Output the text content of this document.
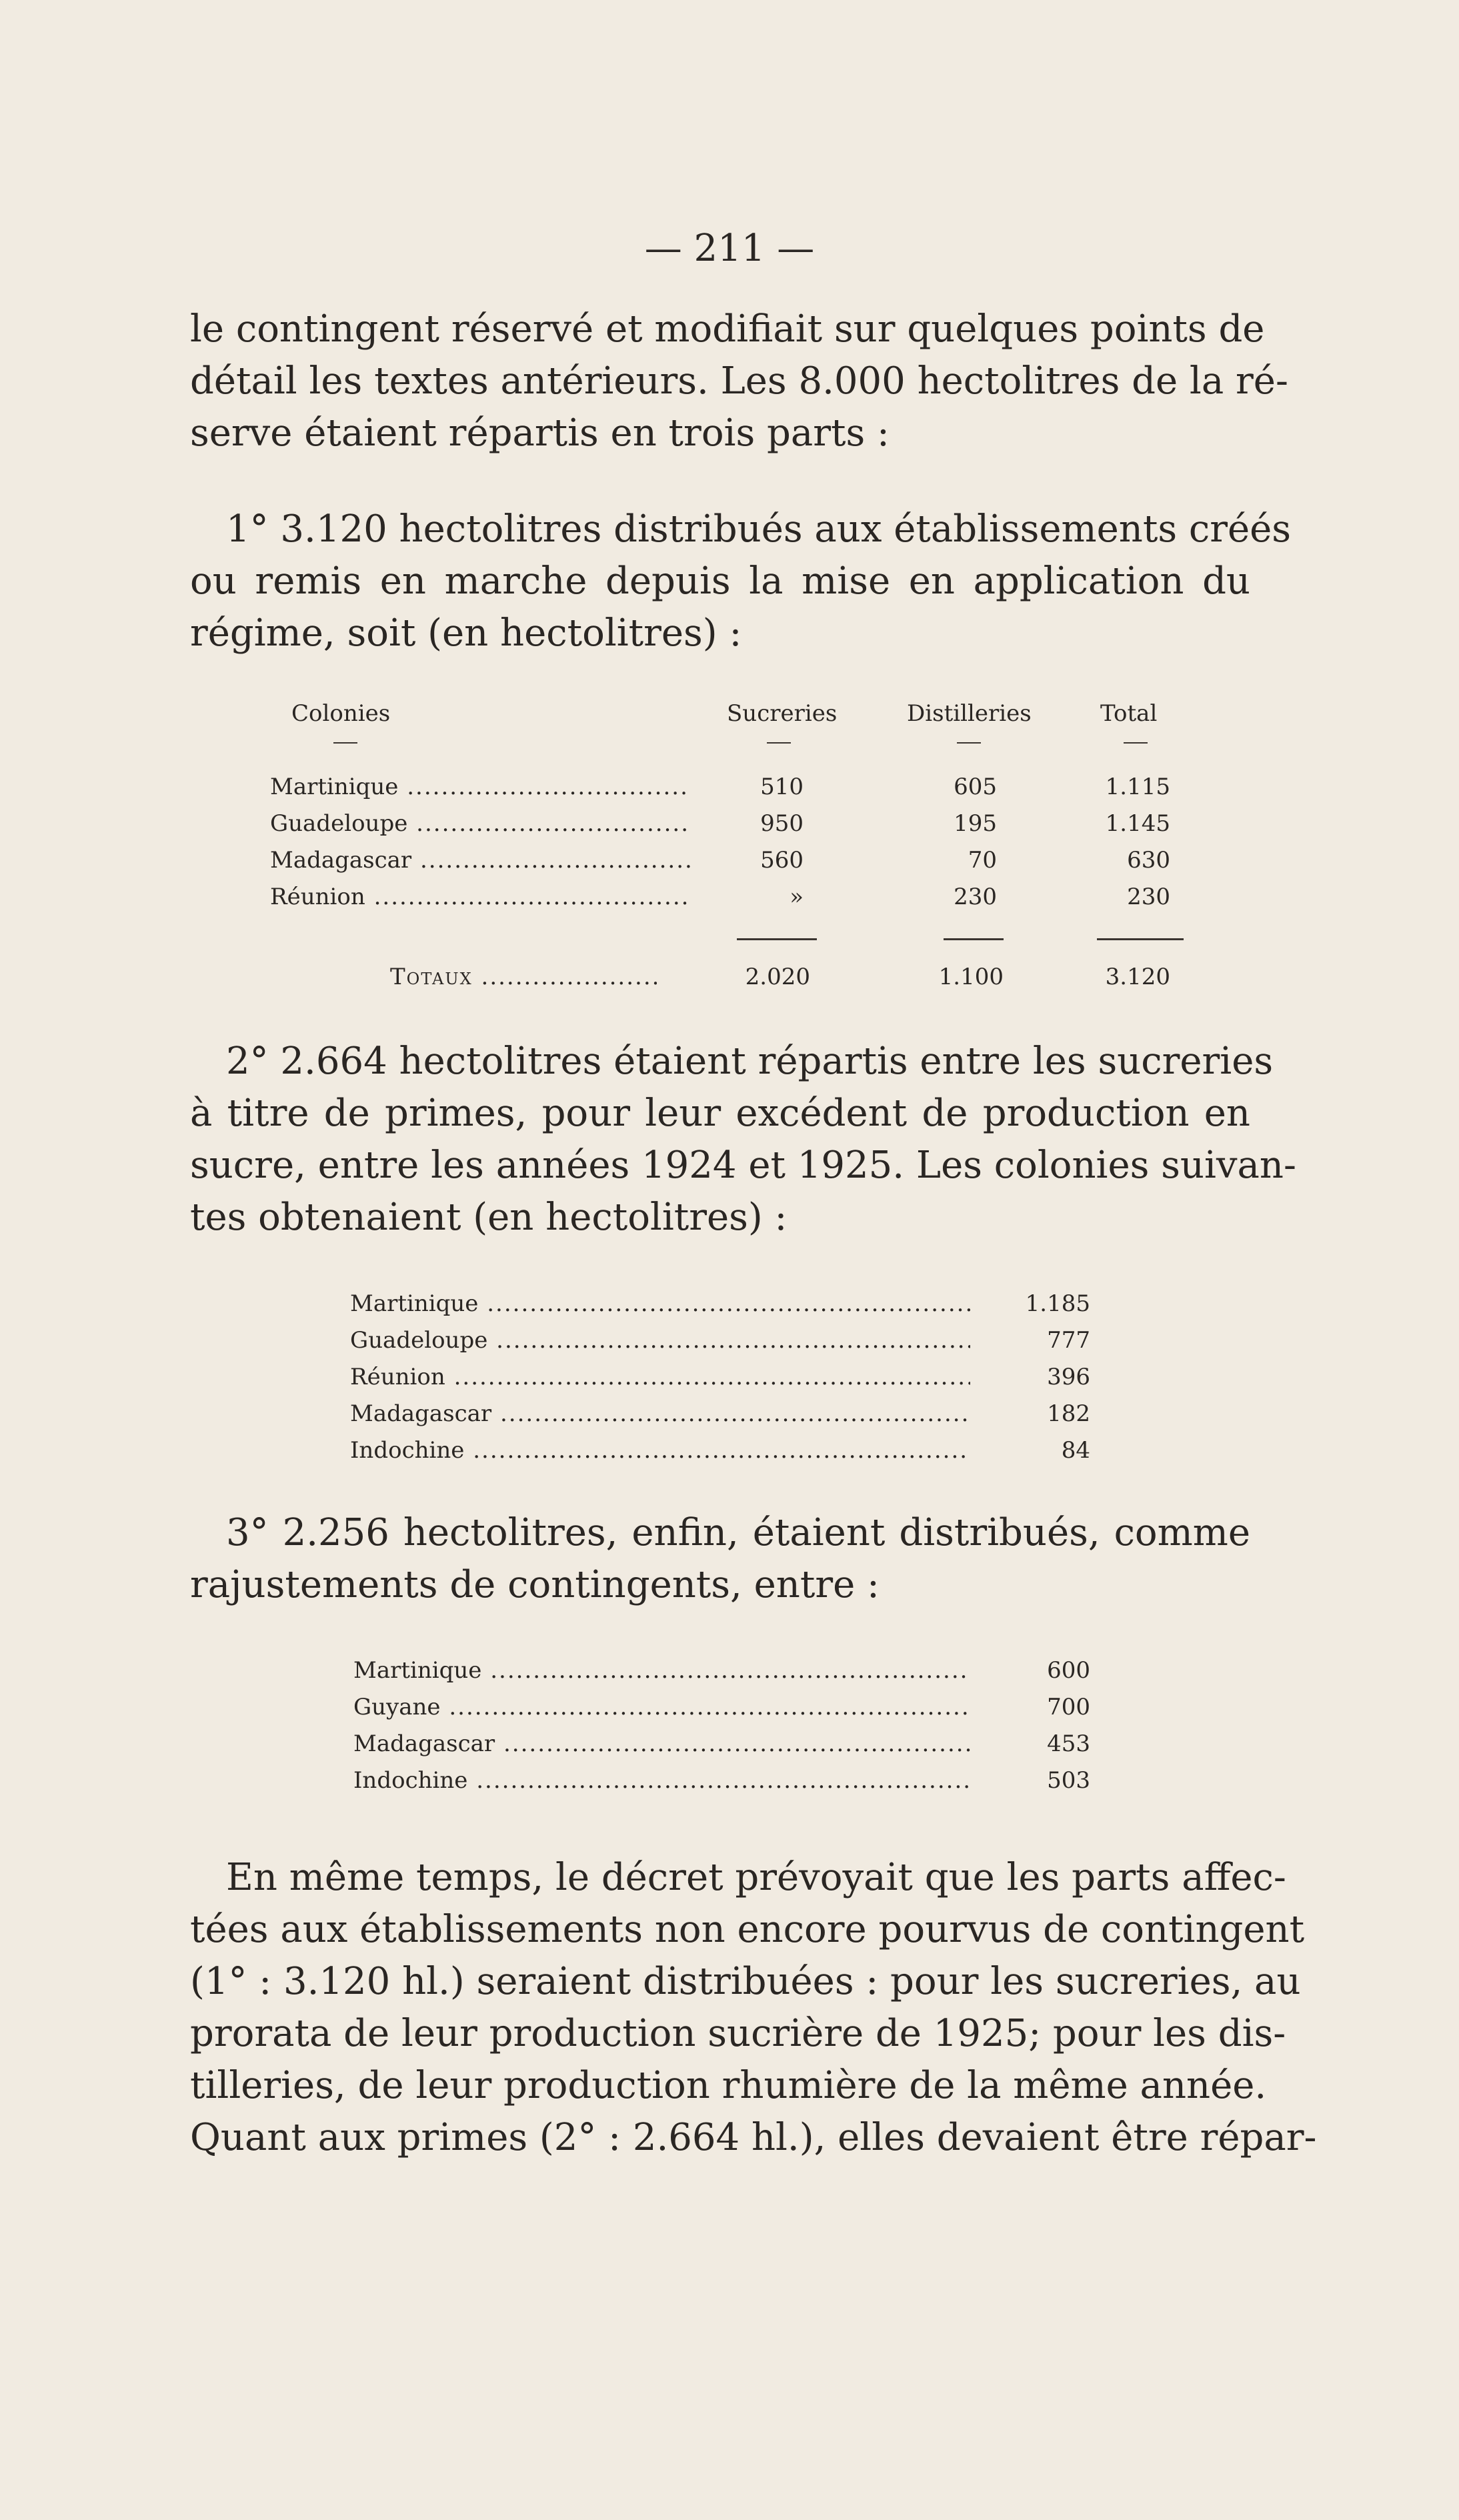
— 211 —

le contingent réservé et modifiait sur quelques points de
détail les textes antérieurs. Les 8.000 hectolitres de la ré-
serve étaient répartis en trois parts :

1° 3.120 hectolitres distribués aux établissements créés
ou remis en marche depuis la mise en application du
régime, soit (en hectolitres) :

Colonies	Sucreries	Distilleries	Total
Martinique .....	510	605	1.115
Guadeloupe .....	950	195	1.145
Madagascar .....	560	70	630
Réunion .....	»	230	230
Totaux .....	2.020	1.100	3.120

2° 2.664 hectolitres étaient répartis entre les sucreries
à titre de primes, pour leur excédent de production en
sucre, entre les années 1924 et 1925. Les colonies suivan-
tes obtenaient (en hectolitres) :

Martinique .....	1.185
Guadeloupe .....	777
Réunion .....	396
Madagascar .....	182
Indochine .....	84

3° 2.256 hectolitres, enfin, étaient distribués, comme
rajustements de contingents, entre :

Martinique .....	600
Guyane .....	700
Madagascar .....	453
Indochine .....	503

En même temps, le décret prévoyait que les parts affec-
tées aux établissements non encore pourvus de contingent
(1° : 3.120 hl.) seraient distribuées : pour les sucreries, au
prorata de leur production sucrière de 1925; pour les dis-
tilleries, de leur production rhumière de la même année.
Quant aux primes (2° : 2.664 hl.), elles devaient être répar-
